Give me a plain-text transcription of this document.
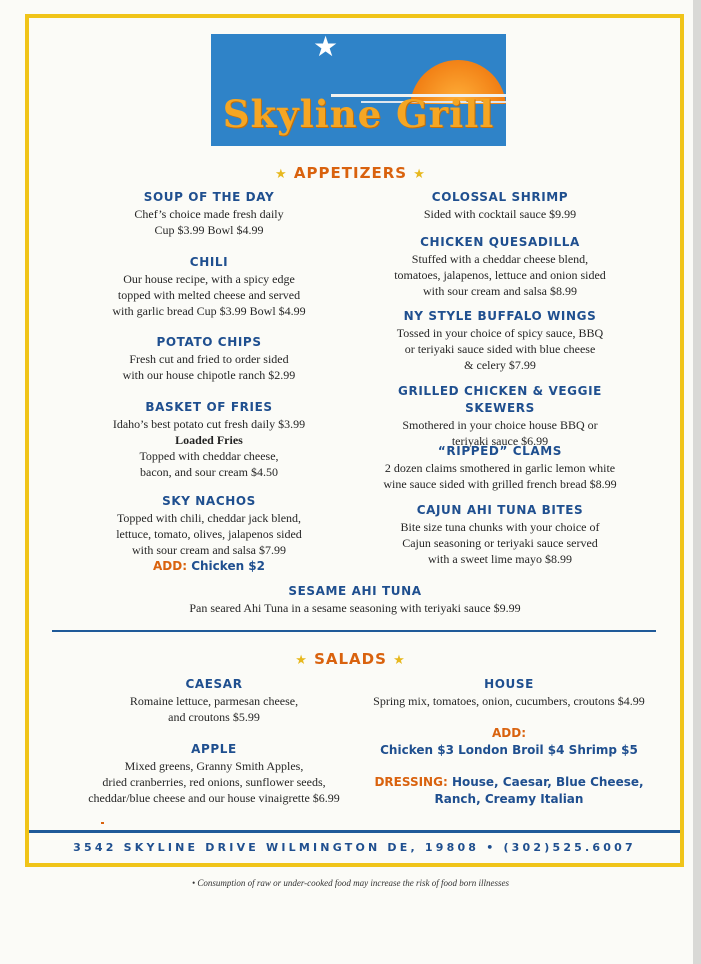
★
Skyline Grill
★ APPETIZERS ★
SOUP OF THE DAY
Chef’s choice made fresh daily
Cup $3.99 Bowl $4.99
CHILI
Our house recipe, with a spicy edge
topped with melted cheese and served
with garlic bread Cup $3.99 Bowl $4.99
POTATO CHIPS
Fresh cut and fried to order sided
with our house chipotle ranch $2.99
BASKET OF FRIES
Idaho’s best potato cut fresh daily $3.99
Loaded Fries
Topped with cheddar cheese,
bacon, and sour cream $4.50
SKY NACHOS
Topped with chili, cheddar jack blend,
lettuce, tomato, olives, jalapenos sided
with sour cream and salsa $7.99
ADD: Chicken $2
COLOSSAL SHRIMP
Sided with cocktail sauce $9.99
CHICKEN QUESADILLA
Stuffed with a cheddar cheese blend,
tomatoes, jalapenos, lettuce and onion sided
with sour cream and salsa $8.99
NY STYLE BUFFALO WINGS
Tossed in your choice of spicy sauce, BBQ
or teriyaki sauce sided with blue cheese
& celery $7.99
GRILLED CHICKEN & VEGGIE SKEWERS
Smothered in your choice house BBQ or
teriyaki sauce $6.99
“RIPPED” CLAMS
2 dozen claims smothered in garlic lemon white
wine sauce sided with grilled french bread $8.99
CAJUN AHI TUNA BITES
Bite size tuna chunks with your choice of
Cajun seasoning or teriyaki sauce served
with a sweet lime mayo $8.99
SESAME AHI TUNA
Pan seared Ahi Tuna in a sesame seasoning with teriyaki sauce $9.99
★ SALADS ★
CAESAR
Romaine lettuce, parmesan cheese,
and croutons $5.99
APPLE
Mixed greens, Granny Smith Apples,
dried cranberries, red onions, sunflower seeds,
cheddar/blue cheese and our house vinaigrette $6.99
HOUSE
Spring mix, tomatoes, onion, cucumbers, croutons $4.99
ADD:
Chicken $3 London Broil $4 Shrimp $5
DRESSING: House, Caesar, Blue Cheese,
Ranch, Creamy Italian
3542 SKYLINE DRIVE WILMINGTON DE, 19808 • (302)525.6007
• Consumption of raw or under-cooked food may increase the risk of food born illnesses
